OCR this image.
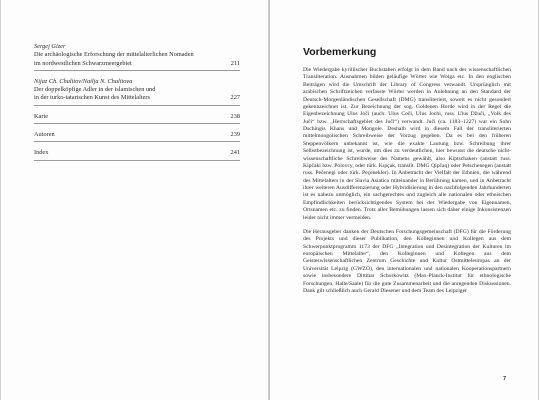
Sergej Gizer
Die archäologische Erforschung der mittelalterlichen Nomaden
im nordwestlichen Schwarzmeergebiet	211
Nijaz Ch. Chalitov/Nailja N. Chalitova
Der doppelköpfige Adler in der islamischen und
in der turko-tatarischen Kunst des Mittelalters	227
Karte	238
Autoren	239
Index	241
Vorbemerkung

Die Wiedergabe kyrillischer Buchstaben erfolgt in dem Band nach der wissenschaftlichen Transliteration. Ausnahmen bilden geläufige Wörter wie Wolga etc. In den englischen Beiträgen wird die Umschrift der Library of Congress verwandt. Ursprünglich mit arabischen Schriftzeichen verfasste Wörter werden in Anlehnung an den Standard der Deutsch-Morgenländischen Gesellschaft (DMG) transliteriert, soweit es nicht gesondert gekennzeichnet ist. Zur Bezeichnung der sog. Goldenen Horde wird in der Regel die Eigenbezeichnung Ulus Joči (auch: Ulus Coči, Ulus Jochi, russ. Ulus Džuči, „Volk des Juči“ bzw. „Herrschaftsgebiet des Juči“) verwandt. Juči (ca. 1183–1227) war ein Sohn Dschingis Khans und Mongole. Deshalb wird in diesem Fall der transliterierten mittelmongolischen Schreibweise der Vorzug gegeben. Da es bei den früheren Steppenvölkern unbekannt ist, wie die exakte Lautung bzw. Schreibung ihrer Selbstbezeichnung ist, wurde, um dies zu verdeutlichen, hier bewusst die deutsche nicht-wissenschaftliche Schreibweise des Namens gewählt, also Kiptschaken (anstatt russ. Kipčaki bzw. Polovcy, oder türk. Kıpçak, translit. DMG Qipčaq) oder Petschenegen (anstatt russ. Pečenegi oder türk. Peçenekler). In Anbetracht der Vielfalt der Ethnien, die während des Mittelalters in der Slavia Asiatica miteinander in Berührung kamen, und in Anbetracht ihrer weiteren Ausdifferenzierung oder Hybridisierung in den nachfolgenden Jahrhunderten ist es nahezu unmöglich, ein sachgerechtes und zugleich alle nationalen oder ethnischen Empfindlichkeiten berücksichtigendes System bei der Wiedergabe von Eigennamen, Ortsnamen etc. zu finden. Trotz aller Bemühungen lassen sich daher einige Inkonsistenzen leider nicht immer vermeiden.

Die Herausgeber danken der Deutschen Forschungsgemeinschaft (DFG) für die Förderung des Projekts und dieser Publikation, den Kolleginnen und Kollegen aus dem Schwerpunktprogramm 1173 der DFG „Integration und Desintegration der Kulturen im europäischen Mittelalter“, den Kolleginnen und Kollegen aus dem Geisteswissenschaftlichen Zentrum Geschichte und Kultur Ostmitteleuropas an der Universität Leipzig (GWZO), den internationalen und nationalen Kooperationspartnern sowie insbesondere Dittmar Schorkowitz (Max-Planck-Institut für ethnologische Forschungen, Halle/Saale) für die gute Zusammenarbeit und die anregenden Diskussionen. Dank gilt schließlich auch Gerald Diesener und dem Team des Leipziger

7
